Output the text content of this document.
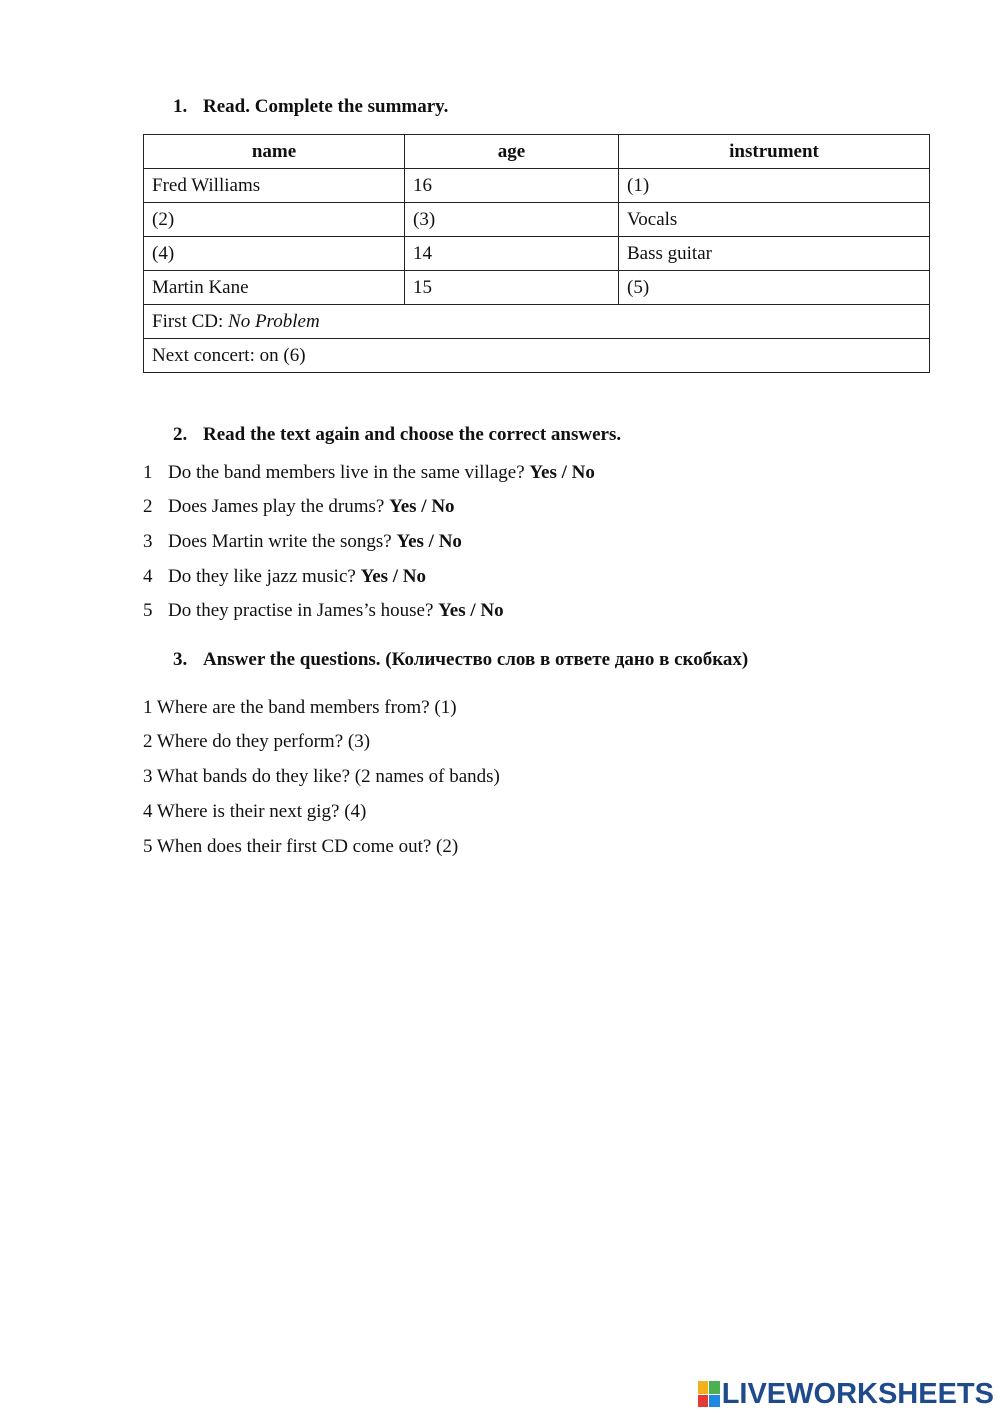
1. Read. Complete the summary.
name	age	instrument
Fred Williams	16	(1)
(2)	(3)	Vocals
(4)	14	Bass guitar
Martin Kane	15	(5)
First CD: No Problem		
Next concert: on (6)		
2. Read the text again and choose the correct answers.
1 Do the band members live in the same village? Yes / No
2 Does James play the drums? Yes / No
3 Does Martin write the songs? Yes / No
4 Do they like jazz music? Yes / No
5 Do they practise in James’s house? Yes / No
3. Answer the questions. (Количество слов в ответе дано в скобках)
1 Where are the band members from? (1)
2 Where do they perform? (3)
3 What bands do they like? (2 names of bands)
4 Where is their next gig? (4)
5 When does their first CD come out? (2)
LIVEWORKSHEETS
